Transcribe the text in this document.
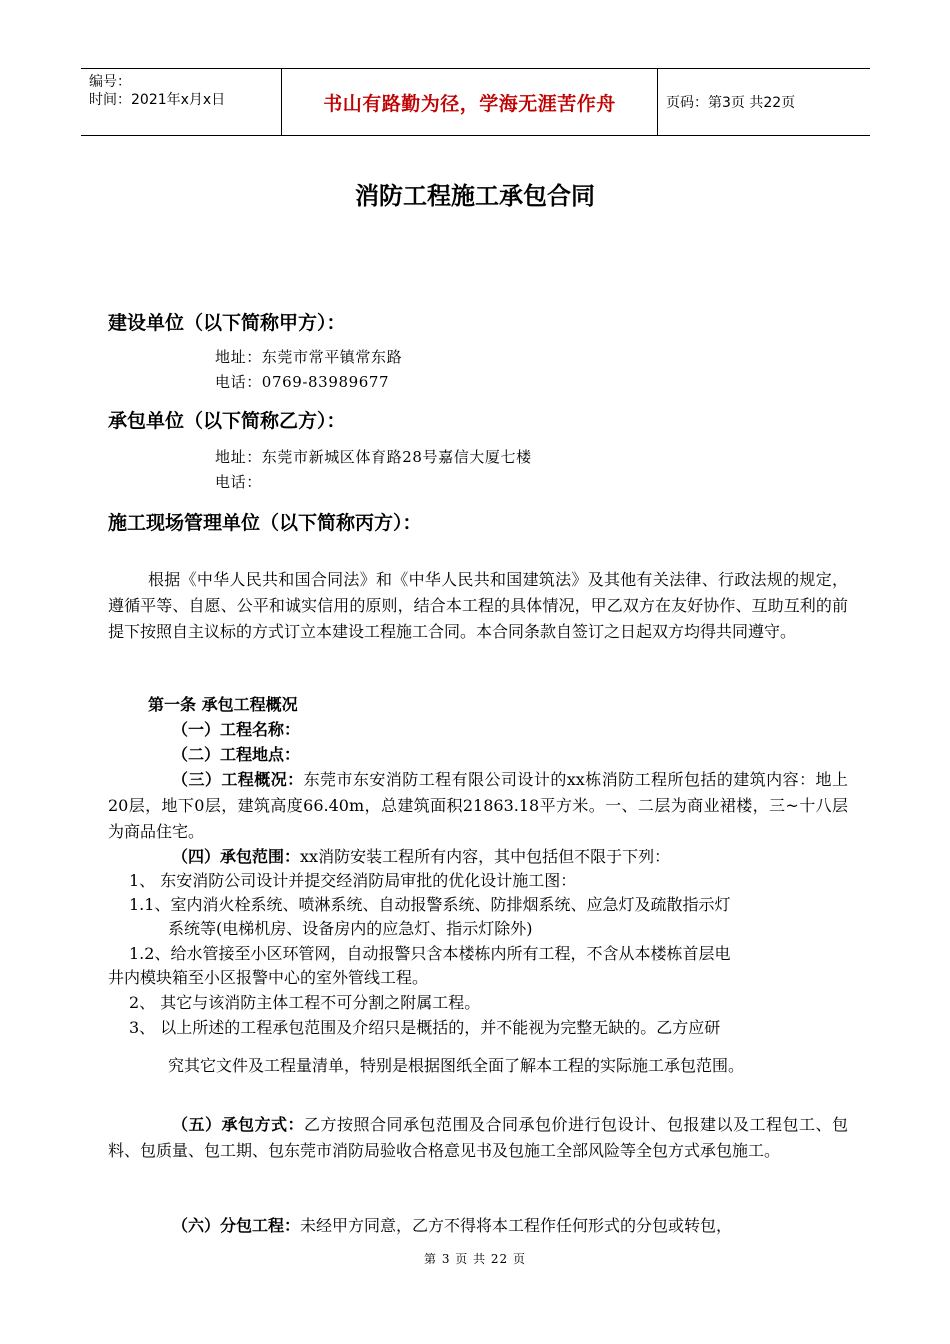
编号：
时间：2021年x月x日	书山有路勤为径，学海无涯苦作舟	页码：第3页 共22页
消防工程施工承包合同
建设单位（以下简称甲方）：
地址：东莞市常平镇常东路
电话：0769-83989677
承包单位（以下简称乙方）：
地址：东莞市新城区体育路28号嘉信大厦七楼
电话：
施工现场管理单位（以下简称丙方）：
根据《中华人民共和国合同法》和《中华人民共和国建筑法》及其他有关法律、行政法规的规定，遵循平等、自愿、公平和诚实信用的原则，结合本工程的具体情况，甲乙双方在友好协作、互助互利的前提下按照自主议标的方式订立本建设工程施工合同。本合同条款自签订之日起双方均得共同遵守。
第一条 承包工程概况
（一）工程名称：
（二）工程地点：
（三）工程概况：东莞市东安消防工程有限公司设计的xx栋消防工程所包括的建筑内容：地上20层，地下0层，建筑高度66.40m，总建筑面积21863.18平方米。一、二层为商业裙楼，三~十八层为商品住宅。
（四）承包范围：xx消防安装工程所有内容，其中包括但不限于下列：
1、 东安消防公司设计并提交经消防局审批的优化设计施工图：
1.1、室内消火栓系统、喷淋系统、自动报警系统、防排烟系统、应急灯及疏散指示灯
系统等(电梯机房、设备房内的应急灯、指示灯除外)
1.2、给水管接至小区环管网，自动报警只含本楼栋内所有工程，不含从本楼栋首层电
井内模块箱至小区报警中心的室外管线工程。
2、 其它与该消防主体工程不可分割之附属工程。
3、 以上所述的工程承包范围及介绍只是概括的，并不能视为完整无缺的。乙方应研
究其它文件及工程量清单，特别是根据图纸全面了解本工程的实际施工承包范围。
（五）承包方式：乙方按照合同承包范围及合同承包价进行包设计、包报建以及工程包工、包料、包质量、包工期、包东莞市消防局验收合格意见书及包施工全部风险等全包方式承包施工。
（六）分包工程：未经甲方同意，乙方不得将本工程作任何形式的分包或转包，
第 3 页 共 22 页
